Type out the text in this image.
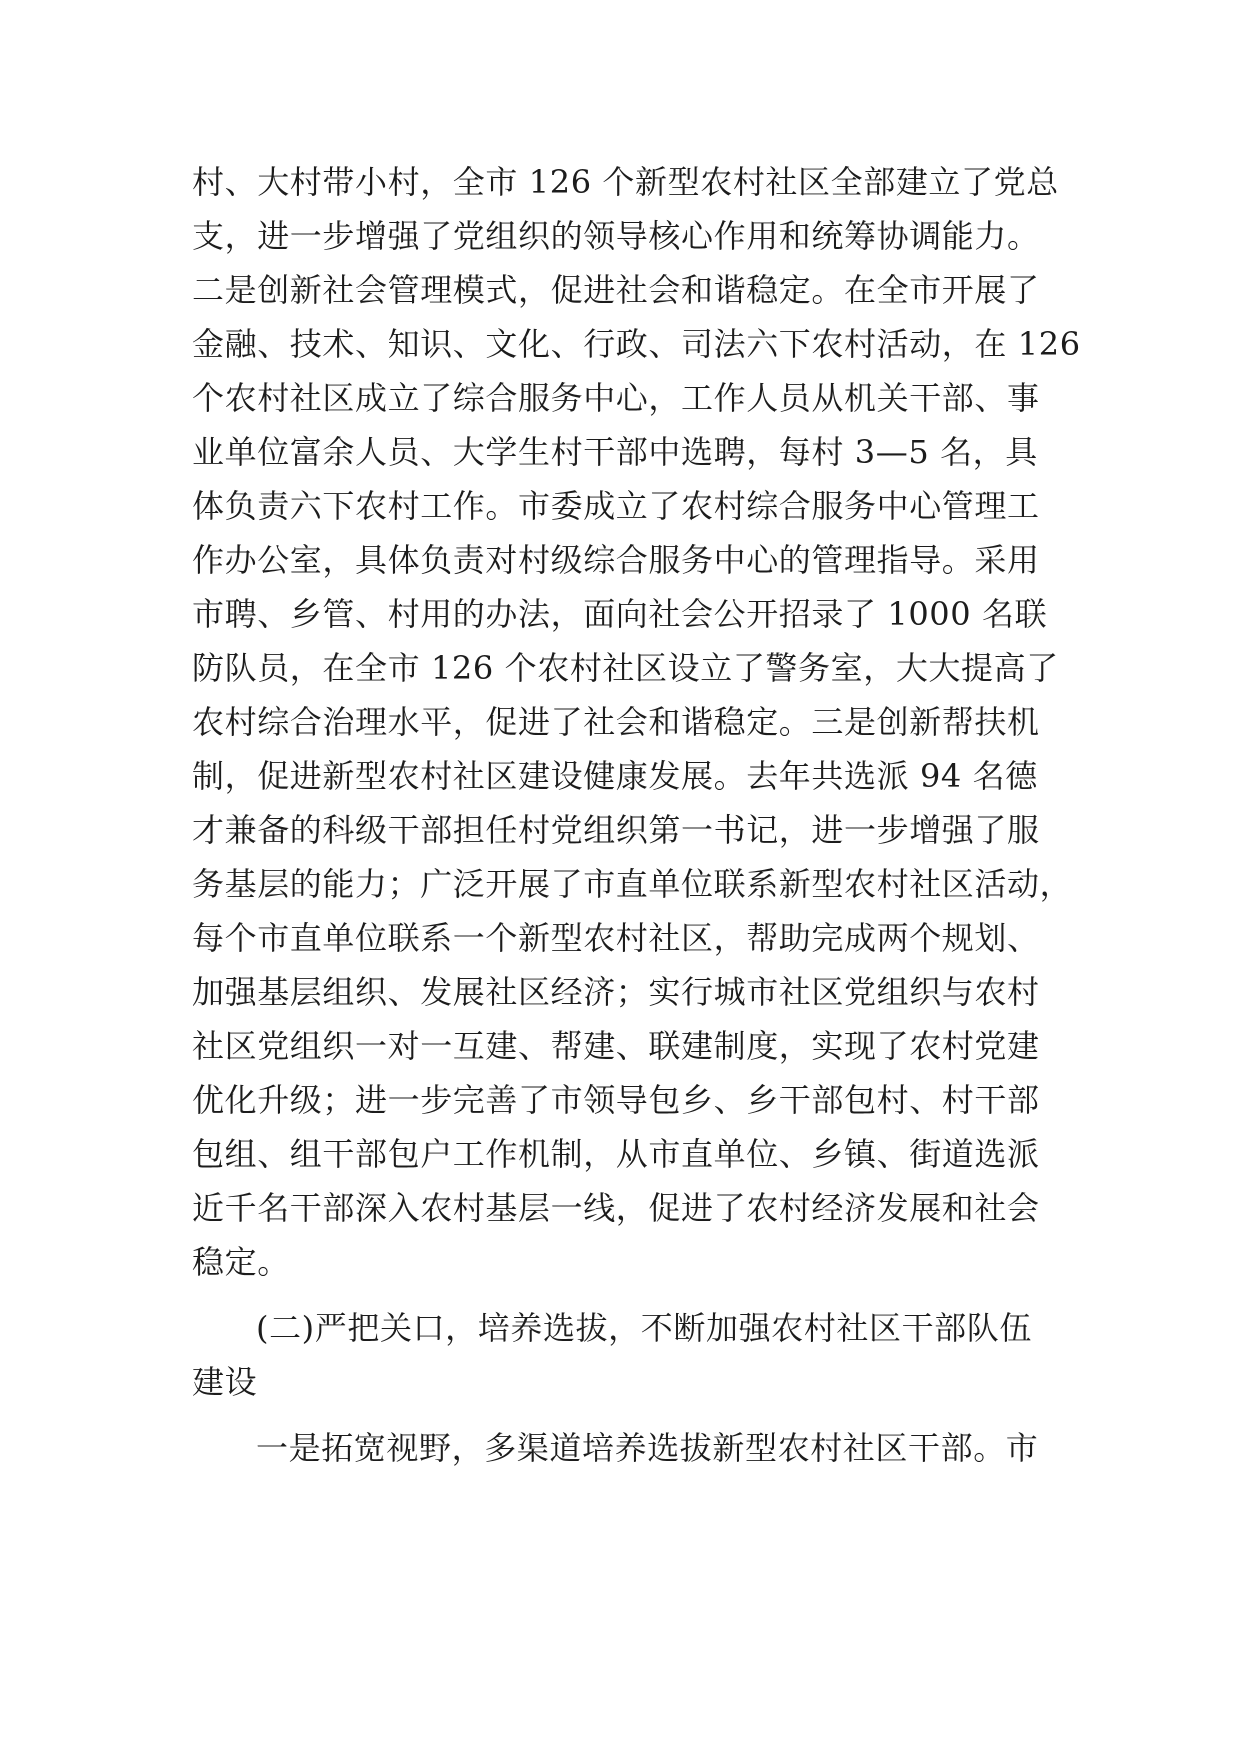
村、大村带小村，全市 126 个新型农村社区全部建立了党总
支，进一步增强了党组织的领导核心作用和统筹协调能力。
二是创新社会管理模式，促进社会和谐稳定。在全市开展了
金融、技术、知识、文化、行政、司法六下农村活动，在 126
个农村社区成立了综合服务中心，工作人员从机关干部、事
业单位富余人员、大学生村干部中选聘，每村 3—5 名，具
体负责六下农村工作。市委成立了农村综合服务中心管理工
作办公室，具体负责对村级综合服务中心的管理指导。采用
市聘、乡管、村用的办法，面向社会公开招录了 1000 名联
防队员，在全市 126 个农村社区设立了警务室，大大提高了
农村综合治理水平，促进了社会和谐稳定。三是创新帮扶机
制，促进新型农村社区建设健康发展。去年共选派 94 名德
才兼备的科级干部担任村党组织第一书记，进一步增强了服
务基层的能力；广泛开展了市直单位联系新型农村社区活动，
每个市直单位联系一个新型农村社区，帮助完成两个规划、
加强基层组织、发展社区经济；实行城市社区党组织与农村
社区党组织一对一互建、帮建、联建制度，实现了农村党建
优化升级；进一步完善了市领导包乡、乡干部包村、村干部
包组、组干部包户工作机制，从市直单位、乡镇、街道选派
近千名干部深入农村基层一线，促进了农村经济发展和社会
稳定。
(二)严把关口，培养选拔，不断加强农村社区干部队伍
建设
一是拓宽视野，多渠道培养选拔新型农村社区干部。市
